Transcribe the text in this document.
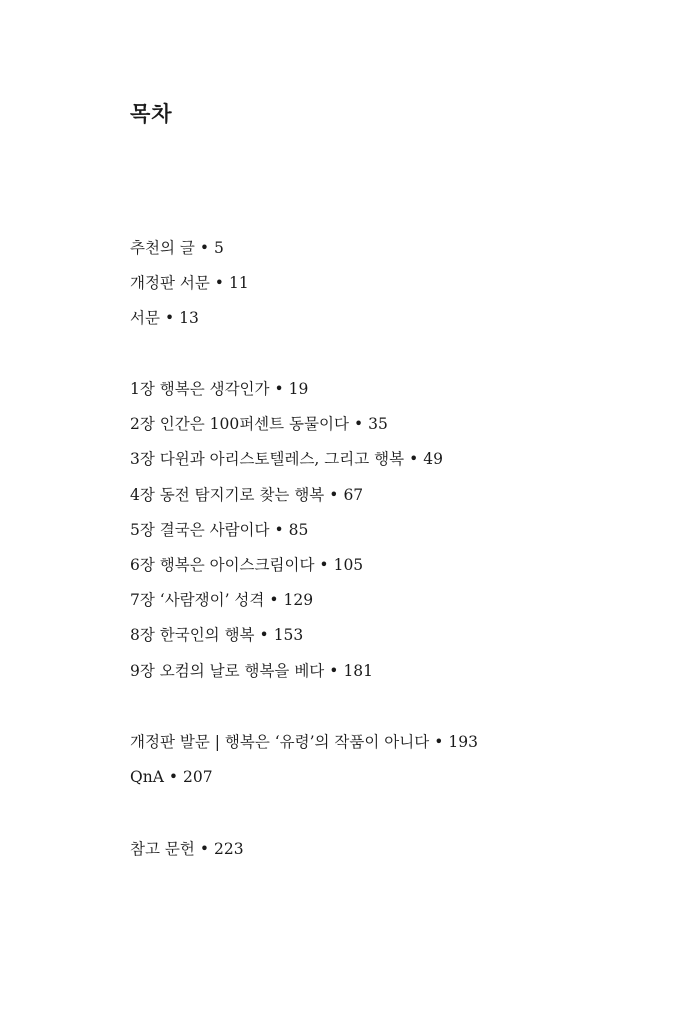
목차
추천의 글 • 5
개정판 서문 • 11
서문 • 13
1장 행복은 생각인가 • 19
2장 인간은 100퍼센트 동물이다 • 35
3장 다윈과 아리스토텔레스, 그리고 행복 • 49
4장 동전 탐지기로 찾는 행복 • 67
5장 결국은 사람이다 • 85
6장 행복은 아이스크림이다 • 105
7장 ‘사람쟁이’ 성격 • 129
8장 한국인의 행복 • 153
9장 오컴의 날로 행복을 베다 • 181
개정판 발문 | 행복은 ‘유령’의 작품이 아니다 • 193
QnA • 207
참고 문헌 • 223
